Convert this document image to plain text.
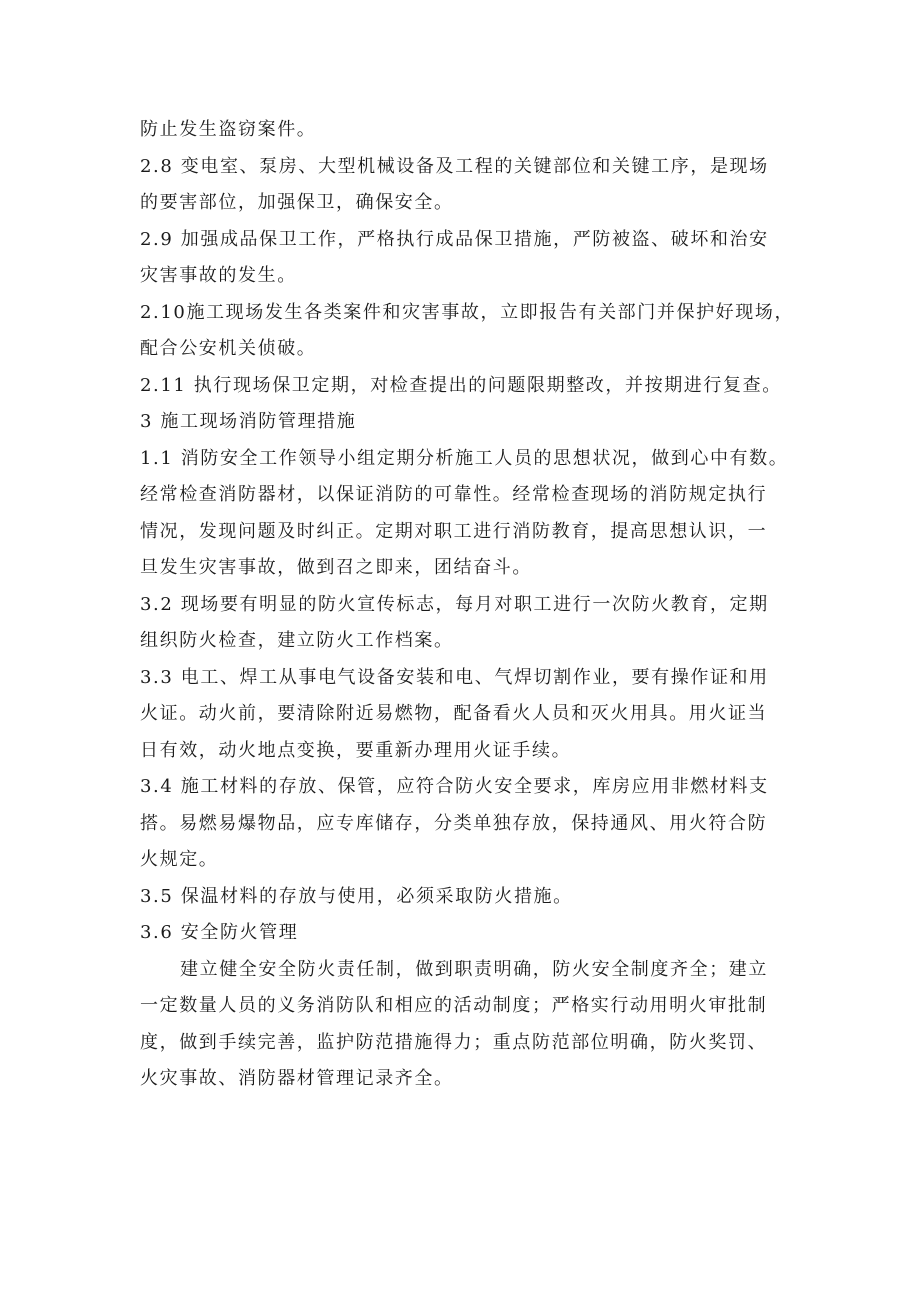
防止发生盗窃案件。
2.8 变电室、泵房、大型机械设备及工程的关键部位和关键工序，是现场
的要害部位，加强保卫，确保安全。
2.9 加强成品保卫工作，严格执行成品保卫措施，严防被盗、破坏和治安
灾害事故的发生。
2.10施工现场发生各类案件和灾害事故，立即报告有关部门并保护好现场，
配合公安机关侦破。
2.11 执行现场保卫定期，对检查提出的问题限期整改，并按期进行复查。
3 施工现场消防管理措施
1.1 消防安全工作领导小组定期分析施工人员的思想状况，做到心中有数。
经常检查消防器材，以保证消防的可靠性。经常检查现场的消防规定执行
情况，发现问题及时纠正。定期对职工进行消防教育，提高思想认识，一
旦发生灾害事故，做到召之即来，团结奋斗。
3.2 现场要有明显的防火宣传标志，每月对职工进行一次防火教育，定期
组织防火检查，建立防火工作档案。
3.3 电工、焊工从事电气设备安装和电、气焊切割作业，要有操作证和用
火证。动火前，要清除附近易燃物，配备看火人员和灭火用具。用火证当
日有效，动火地点变换，要重新办理用火证手续。
3.4 施工材料的存放、保管，应符合防火安全要求，库房应用非燃材料支
搭。易燃易爆物品，应专库储存，分类单独存放，保持通风、用火符合防
火规定。
3.5 保温材料的存放与使用，必须采取防火措施。
3.6 安全防火管理
建立健全安全防火责任制，做到职责明确，防火安全制度齐全；建立
一定数量人员的义务消防队和相应的活动制度；严格实行动用明火审批制
度，做到手续完善，监护防范措施得力；重点防范部位明确，防火奖罚、
火灾事故、消防器材管理记录齐全。
